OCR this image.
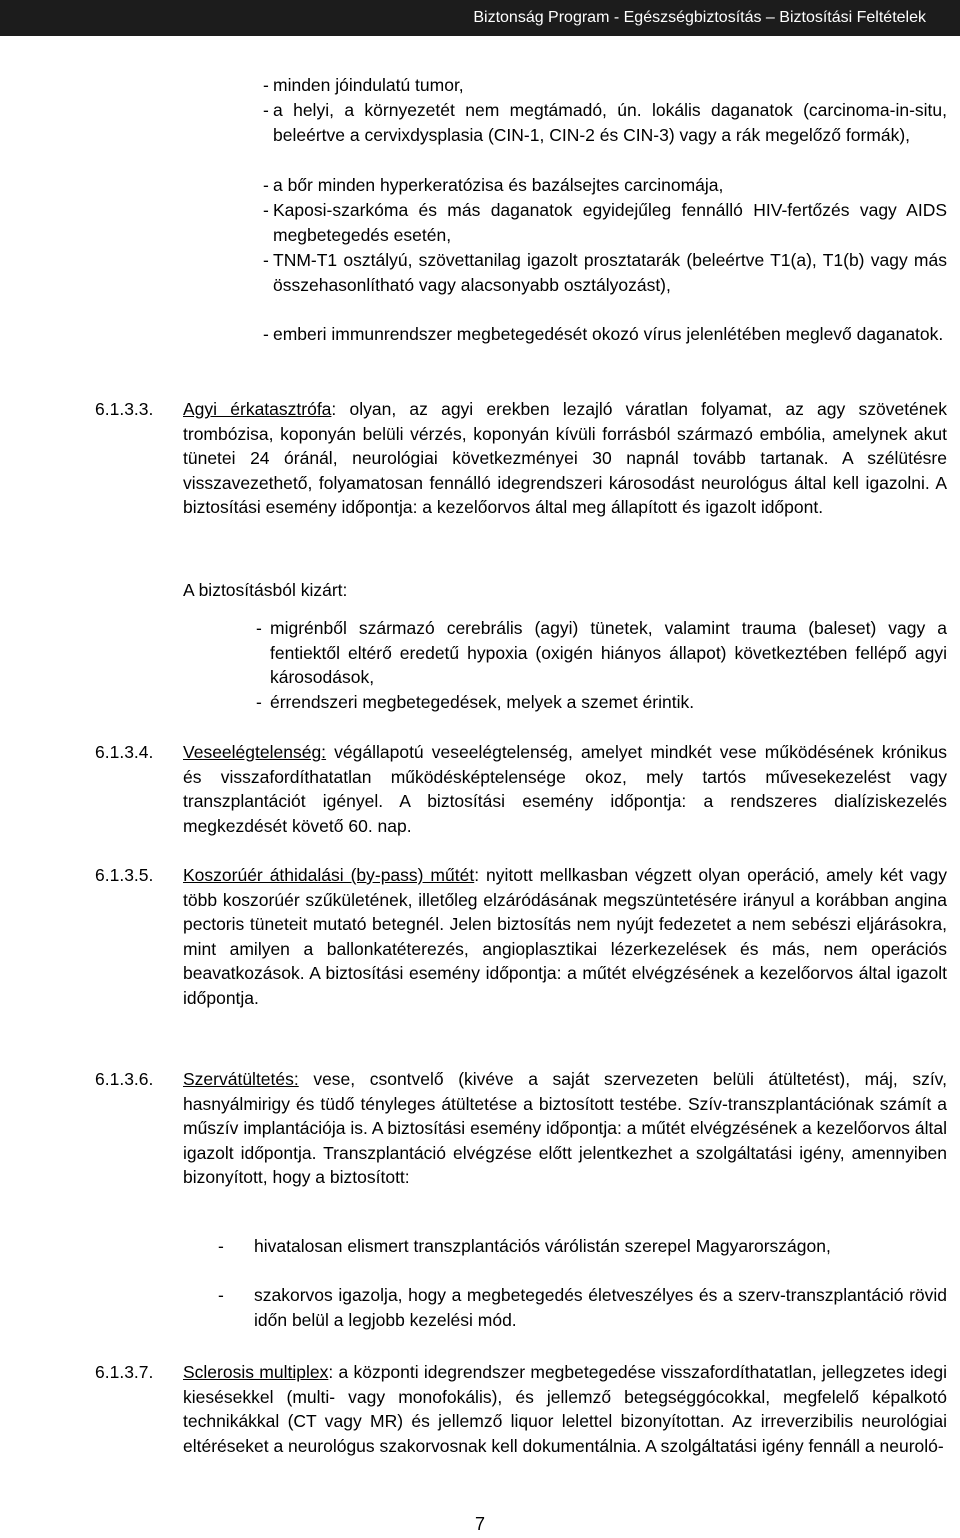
Biztonság Program - Egészségbiztosítás – Biztosítási Feltételek
- minden jóindulatú tumor,
- a helyi, a környezetét nem megtámadó, ún. lokális daganatok (carcinoma-in-situ, beleértve a cervixdysplasia (CIN-1, CIN-2 és CIN-3) vagy a rák megelőző formák),
- a bőr minden hyperkeratózisa és bazálsejtes carcinomája,
- Kaposi-szarkóma és más daganatok egyidejűleg fennálló HIV-fertőzés vagy AIDS megbetegedés esetén,
- TNM-T1 osztályú, szövettanilag igazolt prosztatarák (beleértve T1(a), T1(b) vagy más összehasonlítható vagy alacsonyabb osztályozást),
- emberi immunrendszer megbetegedését okozó vírus jelenlétében meglevő daganatok.
6.1.3.3.	Agyi érkatasztrófa: olyan, az agyi erekben lezajló váratlan folyamat, az agy szövetének trombózisa, koponyán belüli vérzés, koponyán kívüli forrásból származó embólia, amelynek akut tünetei 24 óránál, neurológiai következményei 30 napnál tovább tartanak. A szélütésre visszavezethető, folyamatosan fennálló idegrendszeri károsodást neurológus által kell igazolni. A biztosítási esemény időpontja: a kezelőorvos által meg állapított és igazolt időpont.

A biztosításból kizárt:
- migrénből származó cerebrális (agyi) tünetek, valamint trauma (baleset) vagy a fentiektől eltérő eredetű hypoxia (oxigén hiányos állapot) következtében fellépő agyi károsodások,
- érrendszeri megbetegedések, melyek a szemet érintik.
6.1.3.4.	Veseelégtelenség: végállapotú veseelégtelenség, amelyet mindkét vese működésének krónikus és visszafordíthatatlan működésképtelensége okoz, mely tartós művesekezelést vagy transzplantációt igényel. A biztosítási esemény időpontja: a rendszeres dialíziskezelés megkezdését követő 60. nap.

6.1.3.5.	Koszorúér áthidalási (by-pass) műtét: nyitott mellkasban végzett olyan operáció, amely két vagy több koszorúér szűkületének, illetőleg elzáródásának megszüntetésére irányul a korábban angina pectoris tüneteit mutató betegnél. Jelen biztosítás nem nyújt fedezetet a nem sebészi eljárásokra, mint amilyen a ballonkatéterezés, angioplasztikai lézerkezelések és más, nem operációs beavatkozások. A biztosítási esemény időpontja: a műtét elvégzésének a kezelőorvos által igazolt időpontja.

6.1.3.6.	Szervátültetés: vese, csontvelő (kivéve a saját szervezeten belüli átültetést), máj, szív, hasnyálmirigy és tüdő tényleges átültetése a biztosított testébe. Szív-transzplantációnak számít a műszív implantációja is. A biztosítási esemény időpontja: a műtét elvégzésének a kezelőorvos által igazolt időpontja. Transzplantáció elvégzése előtt jelentkezhet a szolgáltatási igény, amennyiben bizonyított, hogy a biztosított:

-	hivatalosan elismert transzplantációs várólistán szerepel Magyarországon,
-	szakorvos igazolja, hogy a megbetegedés életveszélyes és a szerv-transzplantáció rövid időn belül a legjobb kezelési mód.
6.1.3.7.	Sclerosis multiplex: a központi idegrendszer megbetegedése visszafordíthatatlan, jellegzetes idegi kiesésekkel (multi- vagy monofokális), és jellemző betegséggócokkal, megfelelő képalkotó technikákkal (CT vagy MR) és jellemző liquor lelettel bizonyítottan. Az irreverzibilis neurológiai eltéréseket a neurológus szakorvosnak kell dokumentálnia. A szolgáltatási igény fennáll a neuroló-

7
